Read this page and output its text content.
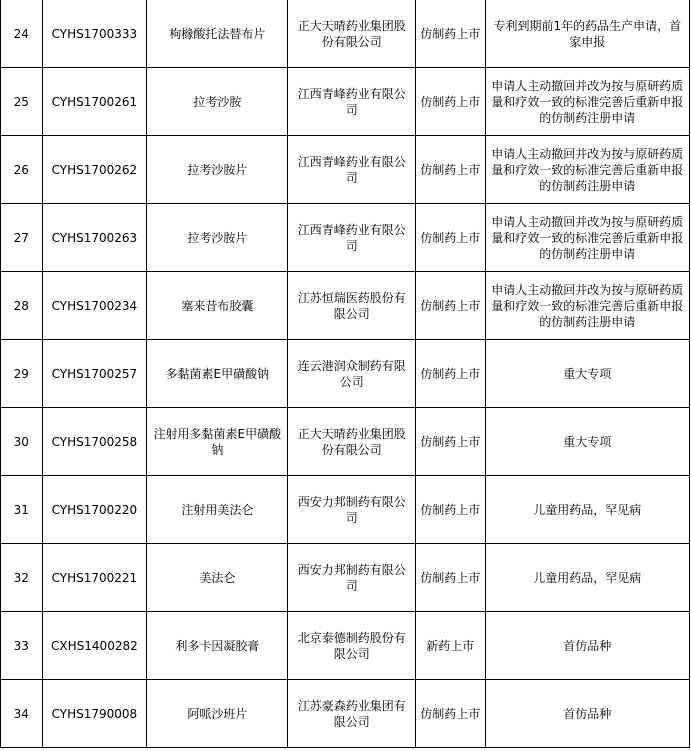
24	CYHS1700333	枸橼酸托法替布片	正大天晴药业集团股份有限公司	仿制药上市	专利到期前1年的药品生产申请，首家申报
25	CYHS1700261	拉考沙胺	江西青峰药业有限公司	仿制药上市	申请人主动撤回并改为按与原研药质量和疗效一致的标准完善后重新申报的仿制药注册申请
26	CYHS1700262	拉考沙胺片	江西青峰药业有限公司	仿制药上市	申请人主动撤回并改为按与原研药质量和疗效一致的标准完善后重新申报的仿制药注册申请
27	CYHS1700263	拉考沙胺片	江西青峰药业有限公司	仿制药上市	申请人主动撤回并改为按与原研药质量和疗效一致的标准完善后重新申报的仿制药注册申请
28	CYHS1700234	塞来昔布胶囊	江苏恒瑞医药股份有限公司	仿制药上市	申请人主动撤回并改为按与原研药质量和疗效一致的标准完善后重新申报的仿制药注册申请
29	CYHS1700257	多黏菌素E甲磺酸钠	连云港润众制药有限公司	仿制药上市	重大专项
30	CYHS1700258	注射用多黏菌素E甲磺酸钠	正大天晴药业集团股份有限公司	仿制药上市	重大专项
31	CYHS1700220	注射用美法仑	西安力邦制药有限公司	仿制药上市	儿童用药品，罕见病
32	CYHS1700221	美法仑	西安力邦制药有限公司	仿制药上市	儿童用药品，罕见病
33	CXHS1400282	利多卡因凝胶膏	北京泰德制药股份有限公司	新药上市	首仿品种
34	CYHS1790008	阿哌沙班片	江苏豪森药业集团有限公司	仿制药上市	首仿品种
